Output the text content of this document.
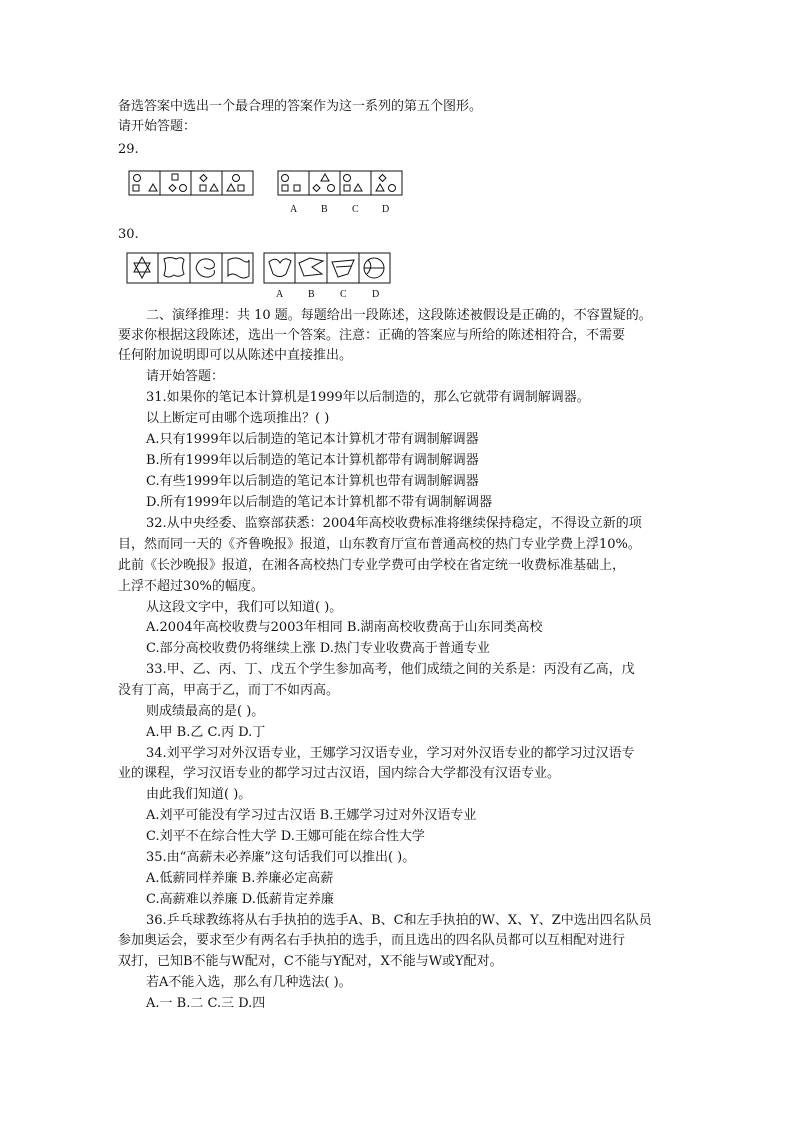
备选答案中选出一个最合理的答案作为这一系列的第五个图形。
请开始答题：
29.
A B C D
30.
A B	C	D
二、演绎推理：共 10 题。每题给出一段陈述，这段陈述被假设是正确的，不容置疑的。
要求你根据这段陈述，选出一个答案。注意：正确的答案应与所给的陈述相符合，不需要
任何附加说明即可以从陈述中直接推出。
请开始答题：
31.如果你的笔记本计算机是1999年以后制造的，那么它就带有调制解调器。
以上断定可由哪个选项推出？( )
A.只有1999年以后制造的笔记本计算机才带有调制解调器
B.所有1999年以后制造的笔记本计算机都带有调制解调器
C.有些1999年以后制造的笔记本计算机也带有调制解调器
D.所有1999年以后制造的笔记本计算机都不带有调制解调器
32.从中央经委、监察部获悉：2004年高校收费标准将继续保持稳定，不得设立新的项
目，然而同一天的《齐鲁晚报》报道，山东教育厅宣布普通高校的热门专业学费上浮10%。
此前《长沙晚报》报道，在湘各高校热门专业学费可由学校在省定统一收费标准基础上，
上浮不超过30%的幅度。
从这段文字中，我们可以知道( )。
A.2004年高校收费与2003年相同 B.湖南高校收费高于山东同类高校
C.部分高校收费仍将继续上涨 D.热门专业收费高于普通专业
33.甲、乙、丙、丁、戊五个学生参加高考，他们成绩之间的关系是：丙没有乙高，戊
没有丁高，甲高于乙，而丁不如丙高。
则成绩最高的是( )。
A.甲 B.乙 C.丙 D.丁
34.刘平学习对外汉语专业，王娜学习汉语专业，学习对外汉语专业的都学习过汉语专
业的课程，学习汉语专业的都学习过古汉语，国内综合大学都没有汉语专业。
由此我们知道( )。
A.刘平可能没有学习过古汉语 B.王娜学习过对外汉语专业
C.刘平不在综合性大学 D.王娜可能在综合性大学
35.由“高薪未必养廉”这句话我们可以推出( )。
A.低薪同样养廉 B.养廉必定高薪
C.高薪难以养廉 D.低薪肯定养廉
36.乒乓球教练将从右手执拍的选手A、B、C和左手执拍的W、X、Y、Z中选出四名队员
参加奥运会，要求至少有两名右手执拍的选手，而且选出的四名队员都可以互相配对进行
双打，已知B不能与W配对，C不能与Y配对，X不能与W或Y配对。
若A不能入选，那么有几种选法( )。
A.一 B.二 C.三 D.四
